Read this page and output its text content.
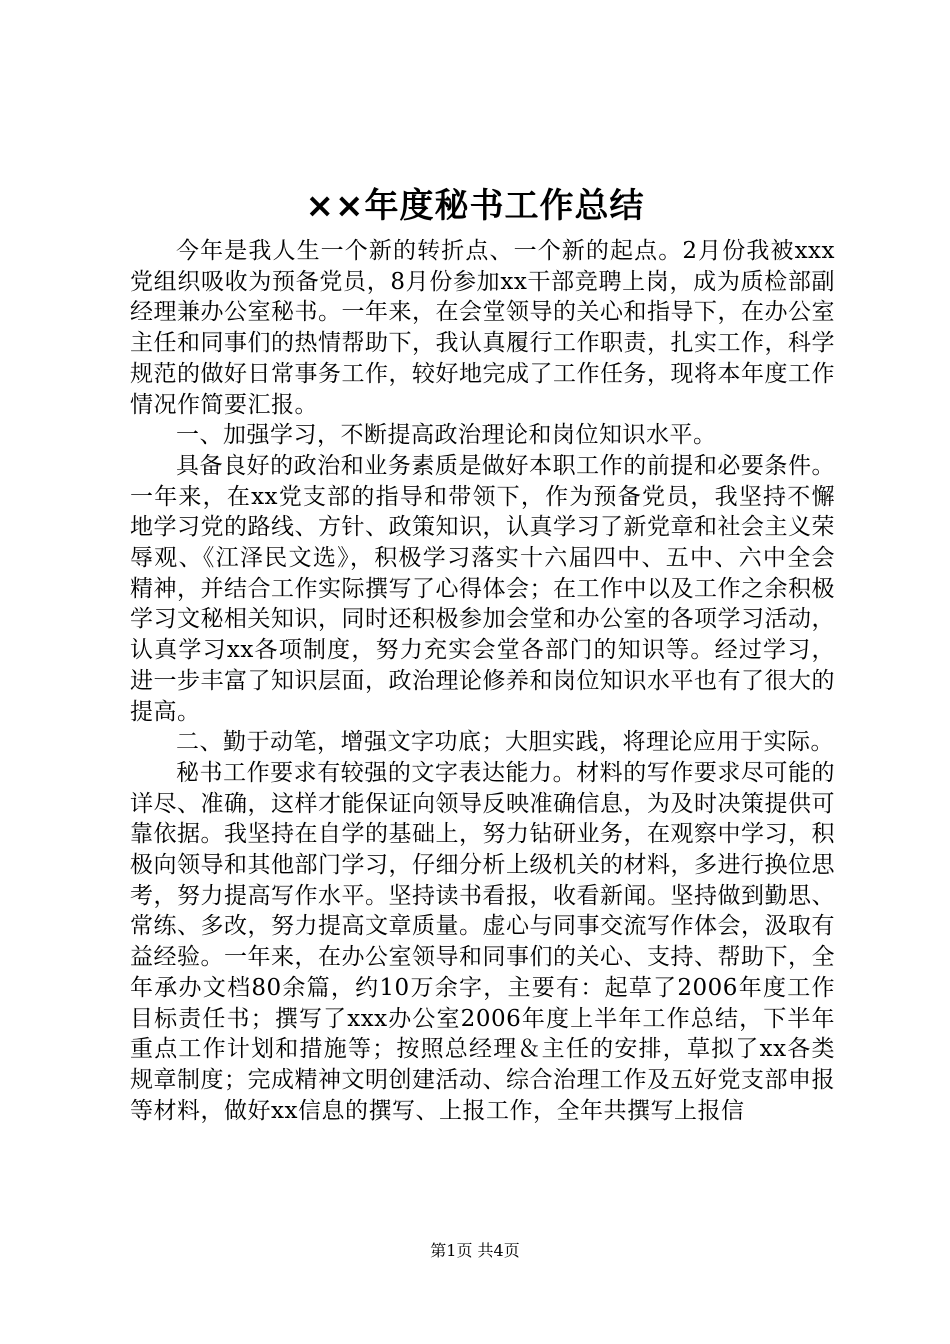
××年度秘书工作总结

今年是我人生一个新的转折点、一个新的起点。2月份我被xxx党组织吸收为预备党员，8月份参加xx干部竞聘上岗，成为质检部副经理兼办公室秘书。一年来，在会堂领导的关心和指导下，在办公室主任和同事们的热情帮助下，我认真履行工作职责，扎实工作，科学规范的做好日常事务工作，较好地完成了工作任务，现将本年度工作情况作简要汇报。

一、加强学习，不断提高政治理论和岗位知识水平。

具备良好的政治和业务素质是做好本职工作的前提和必要条件。一年来，在xx党支部的指导和带领下，作为预备党员，我坚持不懈地学习党的路线、方针、政策知识，认真学习了新党章和社会主义荣辱观、《江泽民文选》，积极学习落实十六届四中、五中、六中全会精神，并结合工作实际撰写了心得体会；在工作中以及工作之余积极学习文秘相关知识，同时还积极参加会堂和办公室的各项学习活动，认真学习xx各项制度，努力充实会堂各部门的知识等。经过学习，进一步丰富了知识层面，政治理论修养和岗位知识水平也有了很大的提高。

二、勤于动笔，增强文字功底；大胆实践，将理论应用于实际。

秘书工作要求有较强的文字表达能力。材料的写作要求尽可能的详尽、准确，这样才能保证向领导反映准确信息，为及时决策提供可靠依据。我坚持在自学的基础上，努力钻研业务，在观察中学习，积极向领导和其他部门学习，仔细分析上级机关的材料，多进行换位思考，努力提高写作水平。坚持读书看报，收看新闻。坚持做到勤思、常练、多改，努力提高文章质量。虚心与同事交流写作体会，汲取有益经验。一年来，在办公室领导和同事们的关心、支持、帮助下，全年承办文档80余篇，约10万余字，主要有：起草了2006年度工作目标责任书；撰写了xxx办公室2006年度上半年工作总结，下半年重点工作计划和措施等；按照总经理＆主任的安排，草拟了xx各类规章制度；完成精神文明创建活动、综合治理工作及五好党支部申报等材料，做好xx信息的撰写、上报工作，全年共撰写上报信

第1页 共4页
